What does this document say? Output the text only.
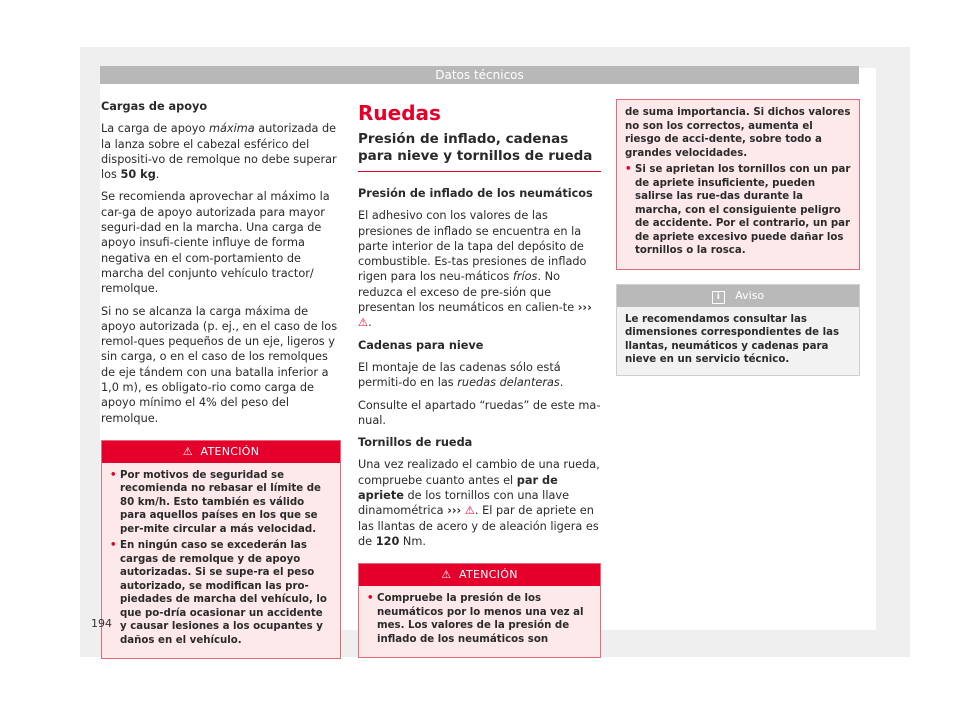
Datos técnicos

Cargas de apoyo

La carga de apoyo máxima autorizada de la lanza sobre el cabezal esférico del dispositi-vo de remolque no debe superar los 50 kg.

Se recomienda aprovechar al máximo la car-ga de apoyo autorizada para mayor seguri-dad en la marcha. Una carga de apoyo insufi-ciente influye de forma negativa en el com-portamiento de marcha del conjunto vehículo tractor/ remolque.

Si no se alcanza la carga máxima de apoyo autorizada (p. ej., en el caso de los remol-ques pequeños de un eje, ligeros y sin carga, o en el caso de los remolques de eje tándem con una batalla inferior a 1,0 m), es obligato-rio como carga de apoyo mínimo el 4% del peso del remolque.

⚠ ATENCIÓN
• Por motivos de seguridad se recomienda no rebasar el límite de 80 km/h. Esto también es válido para aquellos países en los que se per-mite circular a más velocidad.
• En ningún caso se excederán las cargas de remolque y de apoyo autorizadas. Si se supe-ra el peso autorizado, se modifican las pro-piedades de marcha del vehículo, lo que po-dría ocasionar un accidente y causar lesiones a los ocupantes y daños en el vehículo.
Ruedas
Presión de inflado, cadenas para nieve y tornillos de rueda

Presión de inflado de los neumáticos

El adhesivo con los valores de las presiones de inflado se encuentra en la parte interior de la tapa del depósito de combustible. Es-tas presiones de inflado rigen para los neu-máticos fríos. No reduzca el exceso de pre-sión que presentan los neumáticos en calien-te ››› ⚠.

Cadenas para nieve

El montaje de las cadenas sólo está permiti-do en las ruedas delanteras.

Consulte el apartado “ruedas” de este ma-nual.

Tornillos de rueda

Una vez realizado el cambio de una rueda, compruebe cuanto antes el par de apriete de los tornillos con una llave dinamométrica ››› ⚠. El par de apriete en las llantas de acero y de aleación ligera es de 120 Nm.

⚠ ATENCIÓN
• Compruebe la presión de los neumáticos por lo menos una vez al mes. Los valores de la presión de inflado de los neumáticos son
de suma importancia. Si dichos valores no son los correctos, aumenta el riesgo de acci-dente, sobre todo a grandes velocidades.
• Si se aprietan los tornillos con un par de apriete insuficiente, pueden salirse las rue-das durante la marcha, con el consiguiente peligro de accidente. Por el contrario, un par de apriete excesivo puede dañar los tornillos o la rosca.
i Aviso
Le recomendamos consultar las dimensiones correspondientes de las llantas, neumáticos y cadenas para nieve en un servicio técnico.
194
